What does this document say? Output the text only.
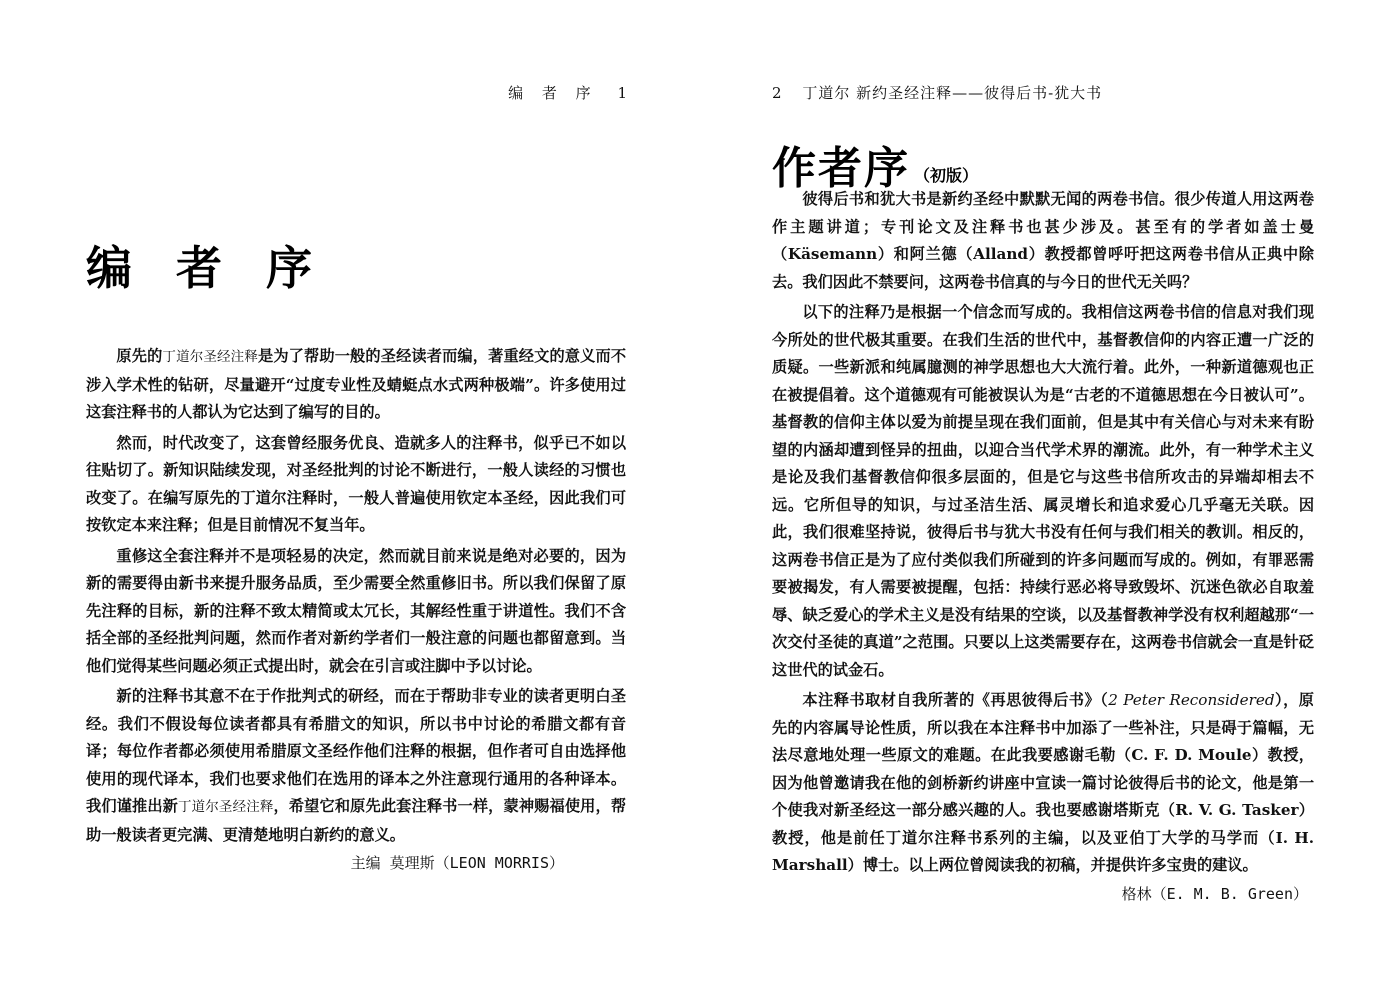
编 者 序 1
编 者 序

原先的丁道尔圣经注释是为了帮助一般的圣经读者而编，著重经文的意义而不涉入学术性的钻研，尽量避开“过度专业性及蜻蜓点水式两种极端”。许多使用过这套注释书的人都认为它达到了编写的目的。

然而，时代改变了，这套曾经服务优良、造就多人的注释书，似乎已不如以往贴切了。新知识陆续发现，对圣经批判的讨论不断进行，一般人读经的习惯也改变了。在编写原先的丁道尔注释时，一般人普遍使用钦定本圣经，因此我们可按钦定本来注释；但是目前情况不复当年。

重修这全套注释并不是项轻易的决定，然而就目前来说是绝对必要的，因为新的需要得由新书来提升服务品质，至少需要全然重修旧书。所以我们保留了原先注释的目标，新的注释不致太精简或太冗长，其解经性重于讲道性。我们不含括全部的圣经批判问题，然而作者对新约学者们一般注意的问题也都留意到。当他们觉得某些问题必须正式提出时，就会在引言或注脚中予以讨论。

新的注释书其意不在于作批判式的研经，而在于帮助非专业的读者更明白圣经。我们不假设每位读者都具有希腊文的知识，所以书中讨论的希腊文都有音译；每位作者都必须使用希腊原文圣经作他们注释的根据，但作者可自由选择他使用的现代译本，我们也要求他们在选用的译本之外注意现行通用的各种译本。我们谨推出新丁道尔圣经注释，希望它和原先此套注释书一样，蒙神赐福使用，帮助一般读者更完满、更清楚地明白新约的意义。

主编 莫理斯（LEON MORRIS）

2 丁道尔 新约圣经注释——彼得后书-犹大书
作者序 （初版）

彼得后书和犹大书是新约圣经中默默无闻的两卷书信。很少传道人用这两卷作主题讲道；专刊论文及注释书也甚少涉及。甚至有的学者如盖士曼（Käsemann）和阿兰德（Alland）教授都曾呼吁把这两卷书信从正典中除去。我们因此不禁要问，这两卷书信真的与今日的世代无关吗？

以下的注释乃是根据一个信念而写成的。我相信这两卷书信的信息对我们现今所处的世代极其重要。在我们生活的世代中，基督教信仰的内容正遭一广泛的质疑。一些新派和纯属臆测的神学思想也大大流行着。此外，一种新道德观也正在被提倡着。这个道德观有可能被误认为是“古老的不道德思想在今日被认可”。基督教的信仰主体以爱为前提呈现在我们面前，但是其中有关信心与对未来有盼望的内涵却遭到怪异的扭曲，以迎合当代学术界的潮流。此外，有一种学术主义是论及我们基督教信仰很多层面的，但是它与这些书信所攻击的异端却相去不远。它所但导的知识，与过圣洁生活、属灵增长和追求爱心几乎毫无关联。因此，我们很难坚持说，彼得后书与犹大书没有任何与我们相关的教训。相反的，这两卷书信正是为了应付类似我们所碰到的许多问题而写成的。例如，有罪恶需要被揭发，有人需要被提醒，包括：持续行恶必将导致毁坏、沉迷色欲必自取羞辱、缺乏爱心的学术主义是没有结果的空谈，以及基督教神学没有权利超越那“一次交付圣徒的真道”之范围。只要以上这类需要存在，这两卷书信就会一直是针砭这世代的试金石。

本注释书取材自我所著的《再思彼得后书》（2 Peter Reconsidered），原先的内容属导论性质，所以我在本注释书中加添了一些补注，只是碍于篇幅，无法尽意地处理一些原文的难题。在此我要感谢毛勒（C. F. D. Moule）教授，因为他曾邀请我在他的剑桥新约讲座中宣读一篇讨论彼得后书的论文，他是第一个使我对新圣经这一部分感兴趣的人。我也要感谢塔斯克（R. V. G. Tasker）教授，他是前任丁道尔注释书系列的主编，以及亚伯丁大学的马学而（I. H. Marshall）博士。以上两位曾阅读我的初稿，并提供许多宝贵的建议。

格林（E. M. B. Green）
